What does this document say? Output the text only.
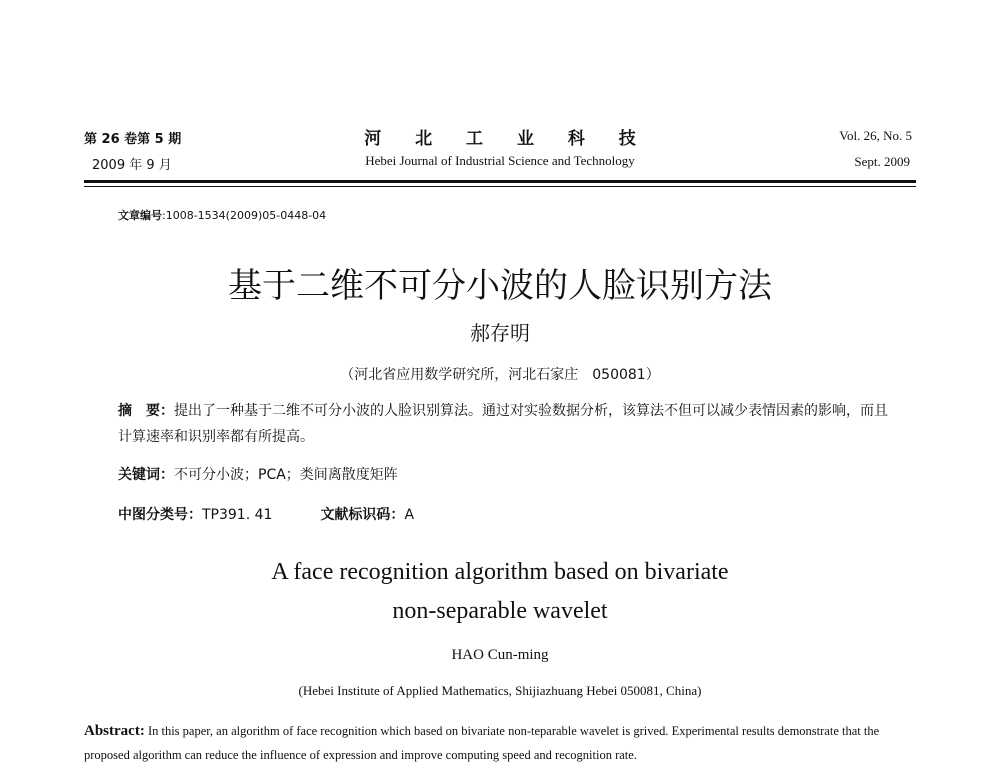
第 26 卷第 5 期
2009 年 9 月
河 北 工 业 科 技
Hebei Journal of Industrial Science and Technology
Vol. 26, No. 5
Sept. 2009
文章编号:1008-1534(2009)05-0448-04
基于二维不可分小波的人脸识别方法
郝存明
（河北省应用数学研究所，河北石家庄　050081）
摘　要：提出了一种基于二维不可分小波的人脸识别算法。通过对实验数据分析，该算法不但可以减少表情因素的影响，而且计算速率和识别率都有所提高。
关键词：不可分小波；PCA；类间离散度矩阵
中图分类号：TP391. 41	文献标识码：A
A face recognition algorithm based on bivariate
non-separable wavelet
HAO Cun-ming
(Hebei Institute of Applied Mathematics, Shijiazhuang Hebei 050081, China)
Abstract: In this paper, an algorithm of face recognition which based on bivariate non-teparable wavelet is grived. Experimental results demonstrate that the proposed algorithm can reduce the influence of expression and improve computing speed and recognition rate.
